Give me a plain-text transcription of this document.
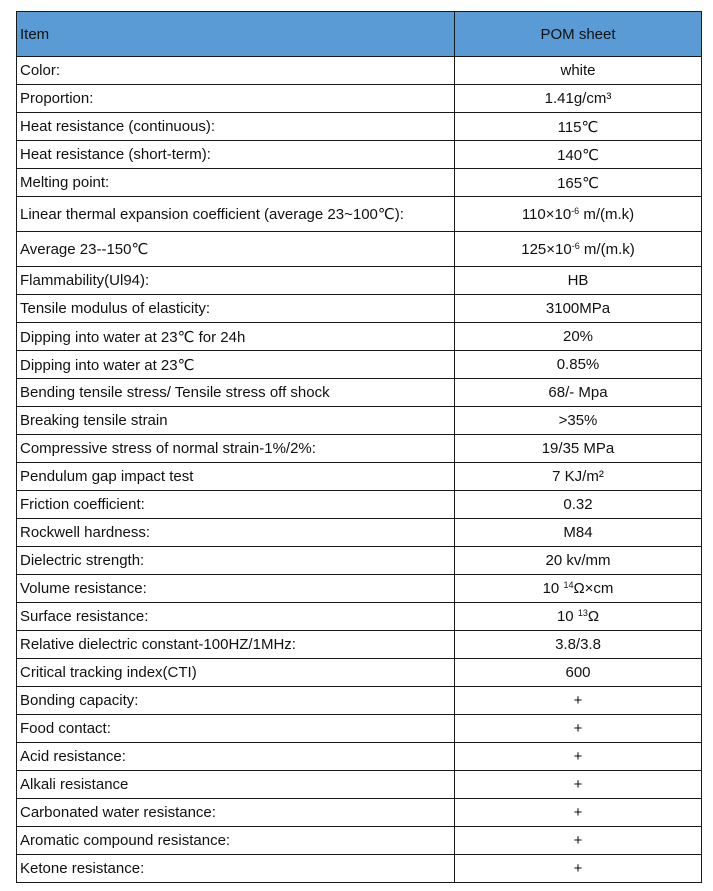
Item	POM sheet
Color:	white
Proportion:	1.41g/cm³
Heat resistance (continuous):	115℃
Heat resistance (short-term):	140℃
Melting point:	165℃
Linear thermal expansion coefficient (average 23~100℃):	$110\times 10^{-6}$ m/(m.k)
Average 23--150℃	$125\times 10^{-6}$ m/(m.k)
Flammability(Ul94):	HB
Tensile modulus of elasticity:	3100MPa
Dipping into water at 23℃ for 24h	20%
Dipping into water at 23℃	0.85%
Bending tensile stress/ Tensile stress off shock	68/- Mpa
Breaking tensile strain	>35%
Compressive stress of normal strain-1%/2%:	19/35 MPa
Pendulum gap impact test	7 KJ/m²
Friction coefficient:	0.32
Rockwell hardness:	M84
Dielectric strength:	20 kv/mm
Volume resistance:	10 $^{14}$Ω×cm
Surface resistance:	10 $^{13}$Ω
Relative dielectric constant-100HZ/1MHz:	3.8/3.8
Critical tracking index(CTI)	600
Bonding capacity:	+
Food contact:	+
Acid resistance:	+
Alkali resistance	+
Carbonated water resistance:	+
Aromatic compound resistance:	+
Ketone resistance:	+
